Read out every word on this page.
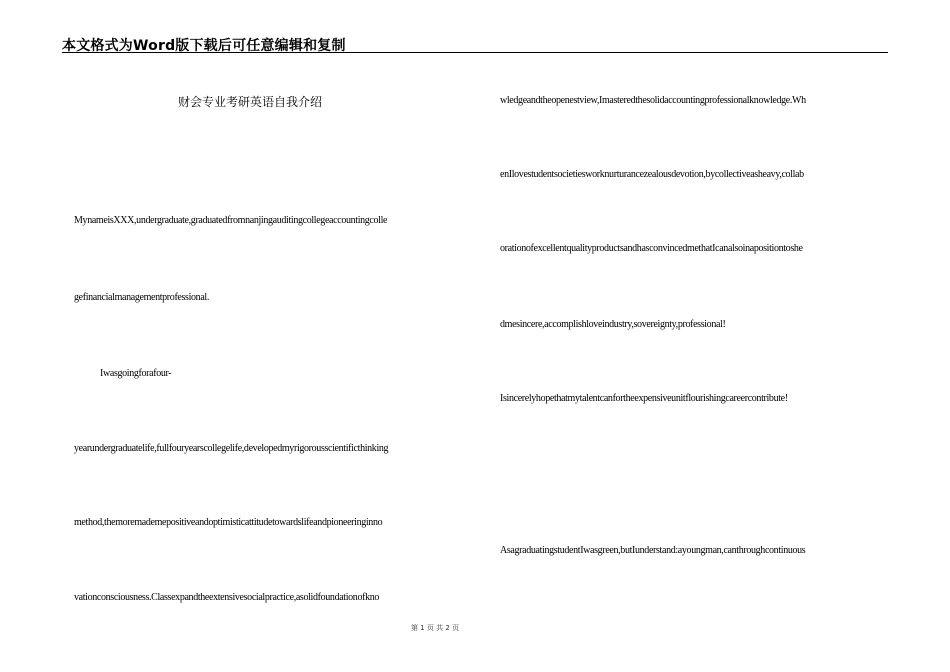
本文格式为Word版下载后可任意编辑和复制
财会专业考研英语自我介绍
MynameisXXX,undergraduate,graduatedfromnanjingauditingcollegeaccountingcolle
gefinancialmanagementprofessional.
Iwasgoingforafour-
yearundergraduatelife,fullfouryearscollegelife,developedmyrigorousscientificthinking
method,themoremademepositiveandoptimisticattitudetowardslifeandpioneeringinno
vationconsciousness.Classexpandtheextensivesocialpractice,asolidfoundationofkno
wledgeandtheopenestview,Imasteredthesolidaccountingprofessionalknowledge.Wh
enIlovestudentsocietiesworknurturancezealousdevotion,bycollectiveasheavy,collab
orationofexcellentqualityproductsandhasconvincedmethatIcanalsoinapositiontoshe
dmesincere,accomplishloveindustry,sovereignty,professional!
Isincerelyhopethatmytalentcanfortheexpensiveunitflourishingcareercontribute!
AsagraduatingstudentIwasgreen,butIunderstand:ayoungman,canthroughcontinuous
第 1 页 共 2 页
